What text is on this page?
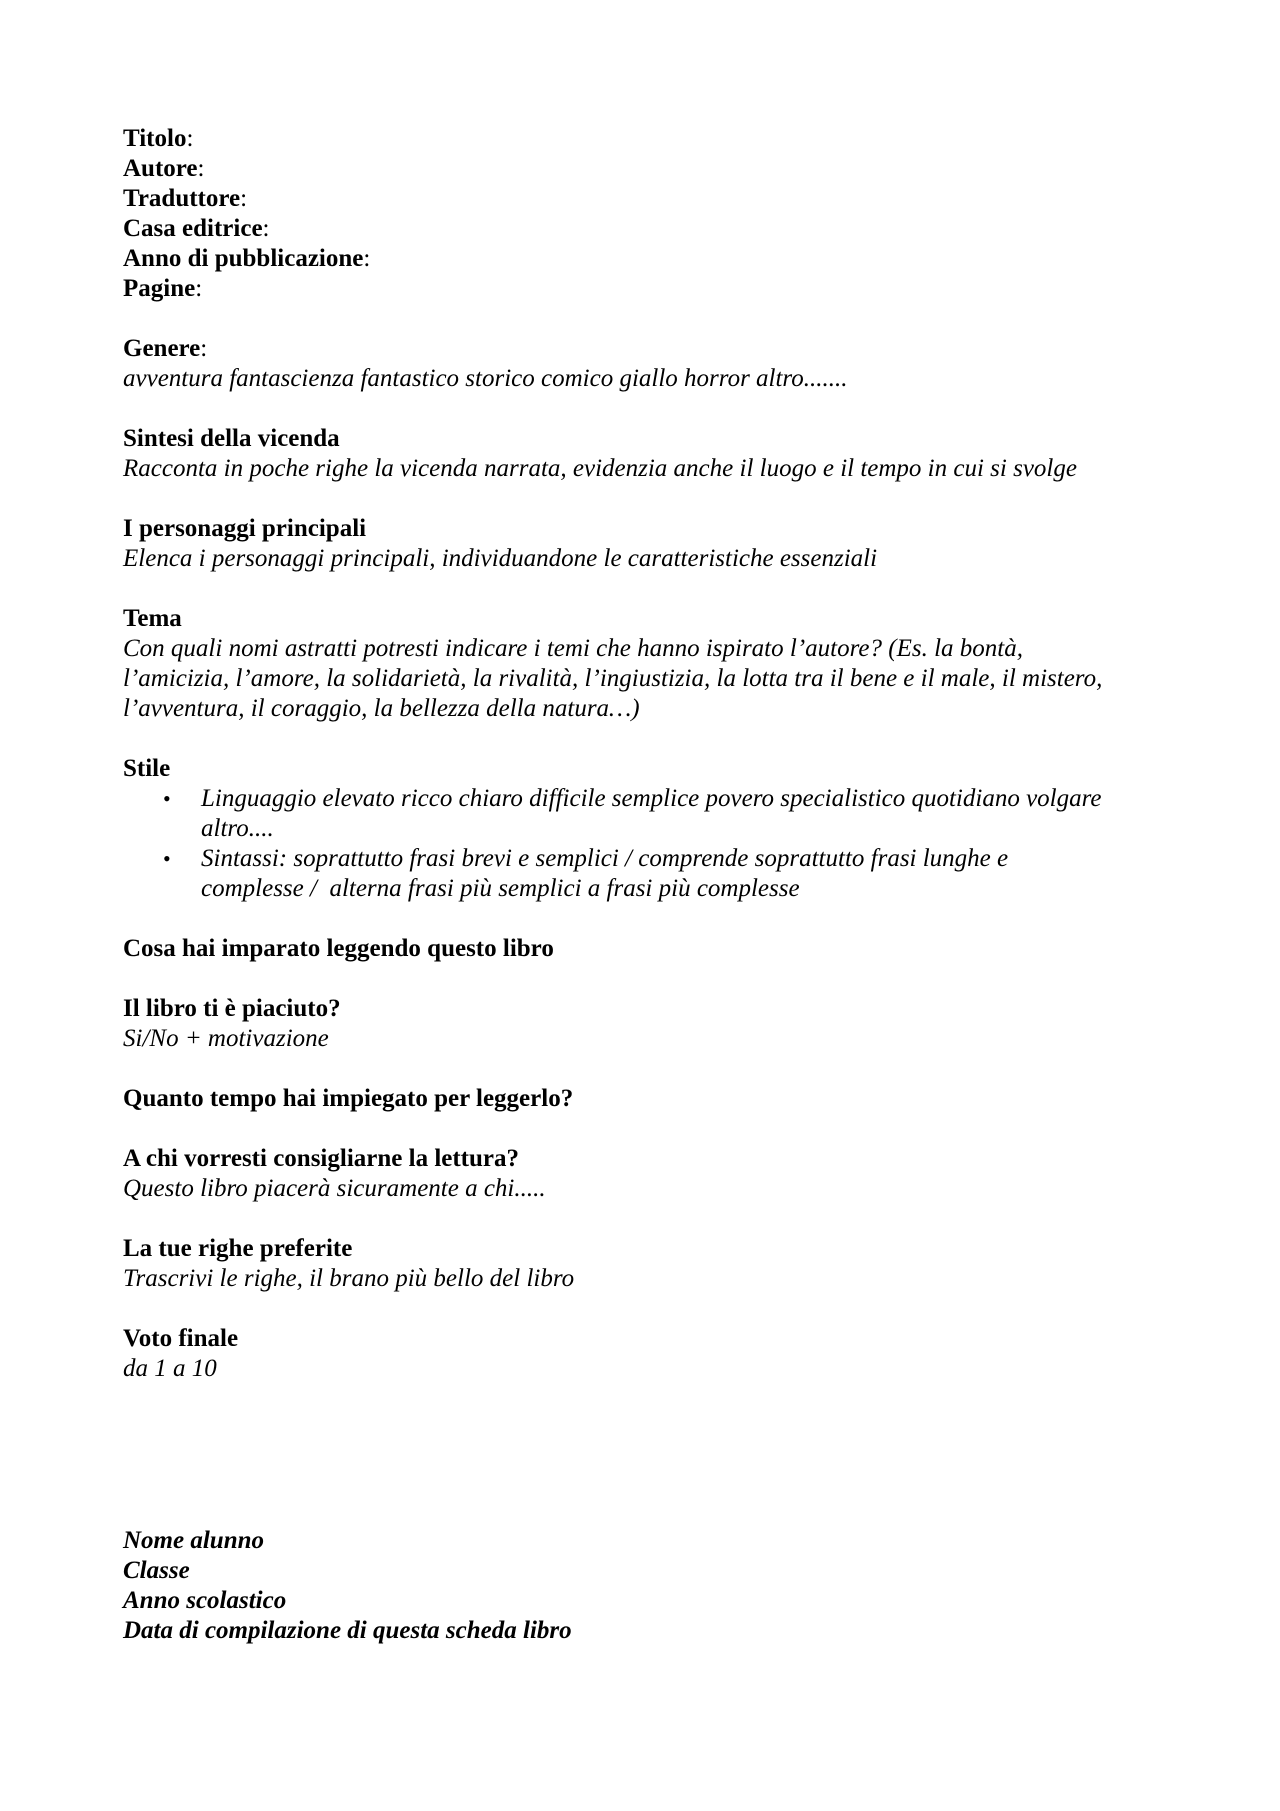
Titolo:

Autore:

Traduttore:

Casa editrice:

Anno di pubblicazione:

Pagine:

Genere:

avventura fantascienza fantastico storico comico giallo horror altro.......

Sintesi della vicenda

Racconta in poche righe la vicenda narrata, evidenzia anche il luogo e il tempo in cui si svolge

I personaggi principali

Elenca i personaggi principali, individuandone le caratteristiche essenziali

Tema

Con quali nomi astratti potresti indicare i temi che hanno ispirato l’autore? (Es. la bontà,

l’amicizia, l’amore, la solidarietà, la rivalità, l’ingiustizia, la lotta tra il bene e il male, il mistero,

l’avventura, il coraggio, la bellezza della natura…)

Stile

• Linguaggio elevato ricco chiaro difficile semplice povero specialistico quotidiano volgare
altro....
• Sintassi: soprattutto frasi brevi e semplici / comprende soprattutto frasi lunghe e
complesse /  alterna frasi più semplici a frasi più complesse

Cosa hai imparato leggendo questo libro

Il libro ti è piaciuto?

Si/No + motivazione

Quanto tempo hai impiegato per leggerlo?

A chi vorresti consigliarne la lettura?

Questo libro piacerà sicuramente a chi.....

La tue righe preferite

Trascrivi le righe, il brano più bello del libro

Voto finale

da 1 a 10

Nome alunno

Classe

Anno scolastico

Data di compilazione di questa scheda libro
